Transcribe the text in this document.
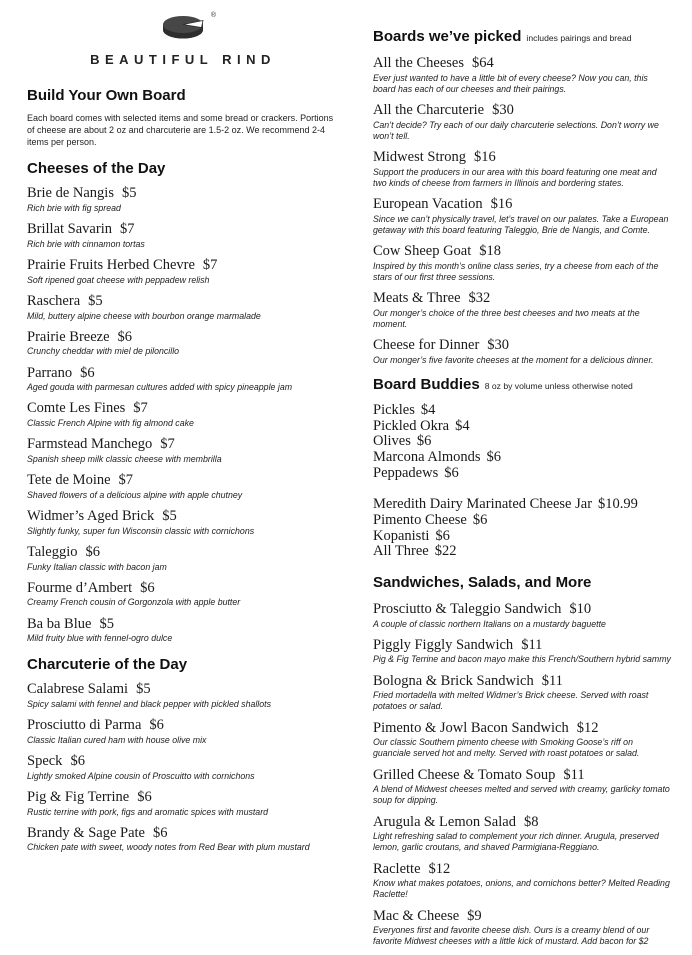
®
BEAUTIFUL RIND
Build Your Own Board

Each board comes with selected items and some bread or crackers. Portions of cheese are about 2 oz and charcuterie are 1.5-2 oz. We recommend 2-4 items per person.

Cheeses of the Day
Brie de Nangis $5
Rich brie with fig spread
Brillat Savarin $7
Rich brie with cinnamon tortas
Prairie Fruits Herbed Chevre $7
Soft ripened goat cheese with peppadew relish
Raschera $5
Mild, buttery alpine cheese with bourbon orange marmalade
Prairie Breeze $6
Crunchy cheddar with miel de piloncillo
Parrano $6
Aged gouda with parmesan cultures added with spicy pineapple jam
Comte Les Fines $7
Classic French Alpine with fig almond cake
Farmstead Manchego $7
Spanish sheep milk classic cheese with membrilla
Tete de Moine $7
Shaved flowers of a delicious alpine with apple chutney
Widmer’s Aged Brick $5
Slightly funky, super fun Wisconsin classic with cornichons
Taleggio $6
Funky Italian classic with bacon jam
Fourme d’Ambert $6
Creamy French cousin of Gorgonzola with apple butter
Ba ba Blue $5
Mild fruity blue with fennel-ogro dulce
Charcuterie of the Day
Calabrese Salami $5
Spicy salami with fennel and black pepper with pickled shallots
Prosciutto di Parma $6
Classic Italian cured ham with house olive mix
Speck $6
Lightly smoked Alpine cousin of Proscuitto with cornichons
Pig & Fig Terrine $6
Rustic terrine with pork, figs and aromatic spices with mustard
Brandy & Sage Pate $6
Chicken pate with sweet, woody notes from Red Bear with plum mustard
Boards we’ve picked includes pairings and bread
All the Cheeses $64
Ever just wanted to have a little bit of every cheese? Now you can, this board has each of our cheeses and their pairings.
All the Charcuterie $30
Can’t decide? Try each of our daily charcuterie selections. Don’t worry we won’t tell.
Midwest Strong $16
Support the producers in our area with this board featuring one meat and two kinds of cheese from farmers in Illinois and bordering states.
European Vacation $16
Since we can’t physically travel, let’s travel on our palates. Take a European getaway with this board featuring Taleggio, Brie de Nangis, and Comte.
Cow Sheep Goat $18
Inspired by this month’s online class series, try a cheese from each of the stars of our first three sessions.
Meats & Three $32
Our monger’s choice of the three best cheeses and two meats at the moment.
Cheese for Dinner $30
Our monger’s five favorite cheeses at the moment for a delicious dinner.
Board Buddies 8 oz by volume unless otherwise noted
Pickles $4
Pickled Okra $4
Olives $6
Marcona Almonds $6
Peppadews $6
Meredith Dairy Marinated Cheese Jar $10.99
Pimento Cheese $6
Kopanisti $6
All Three $22
Sandwiches, Salads, and More
Prosciutto & Taleggio Sandwich $10
A couple of classic northern Italians on a mustardy baguette
Piggly Figgly Sandwich $11
Pig & Fig Terrine and bacon mayo make this French/Southern hybrid sammy
Bologna & Brick Sandwich $11
Fried mortadella with melted Widmer’s Brick cheese. Served with roast potatoes or salad.
Pimento & Jowl Bacon Sandwich $12
Our classic Southern pimento cheese with Smoking Goose’s riff on guanciale served hot and melty. Served with roast potatoes or salad.
Grilled Cheese & Tomato Soup $11
A blend of Midwest cheeses melted and served with creamy, garlicky tomato soup for dipping.
Arugula & Lemon Salad $8
Light refreshing salad to complement your rich dinner. Arugula, preserved lemon, garlic croutans, and shaved Parmigiana-Reggiano.
Raclette $12
Know what makes potatoes, onions, and cornichons better? Melted Reading Raclette!
Mac & Cheese $9
Everyones first and favorite cheese dish. Ours is a creamy blend of our favorite Midwest cheeses with a little kick of mustard. Add bacon for $2
